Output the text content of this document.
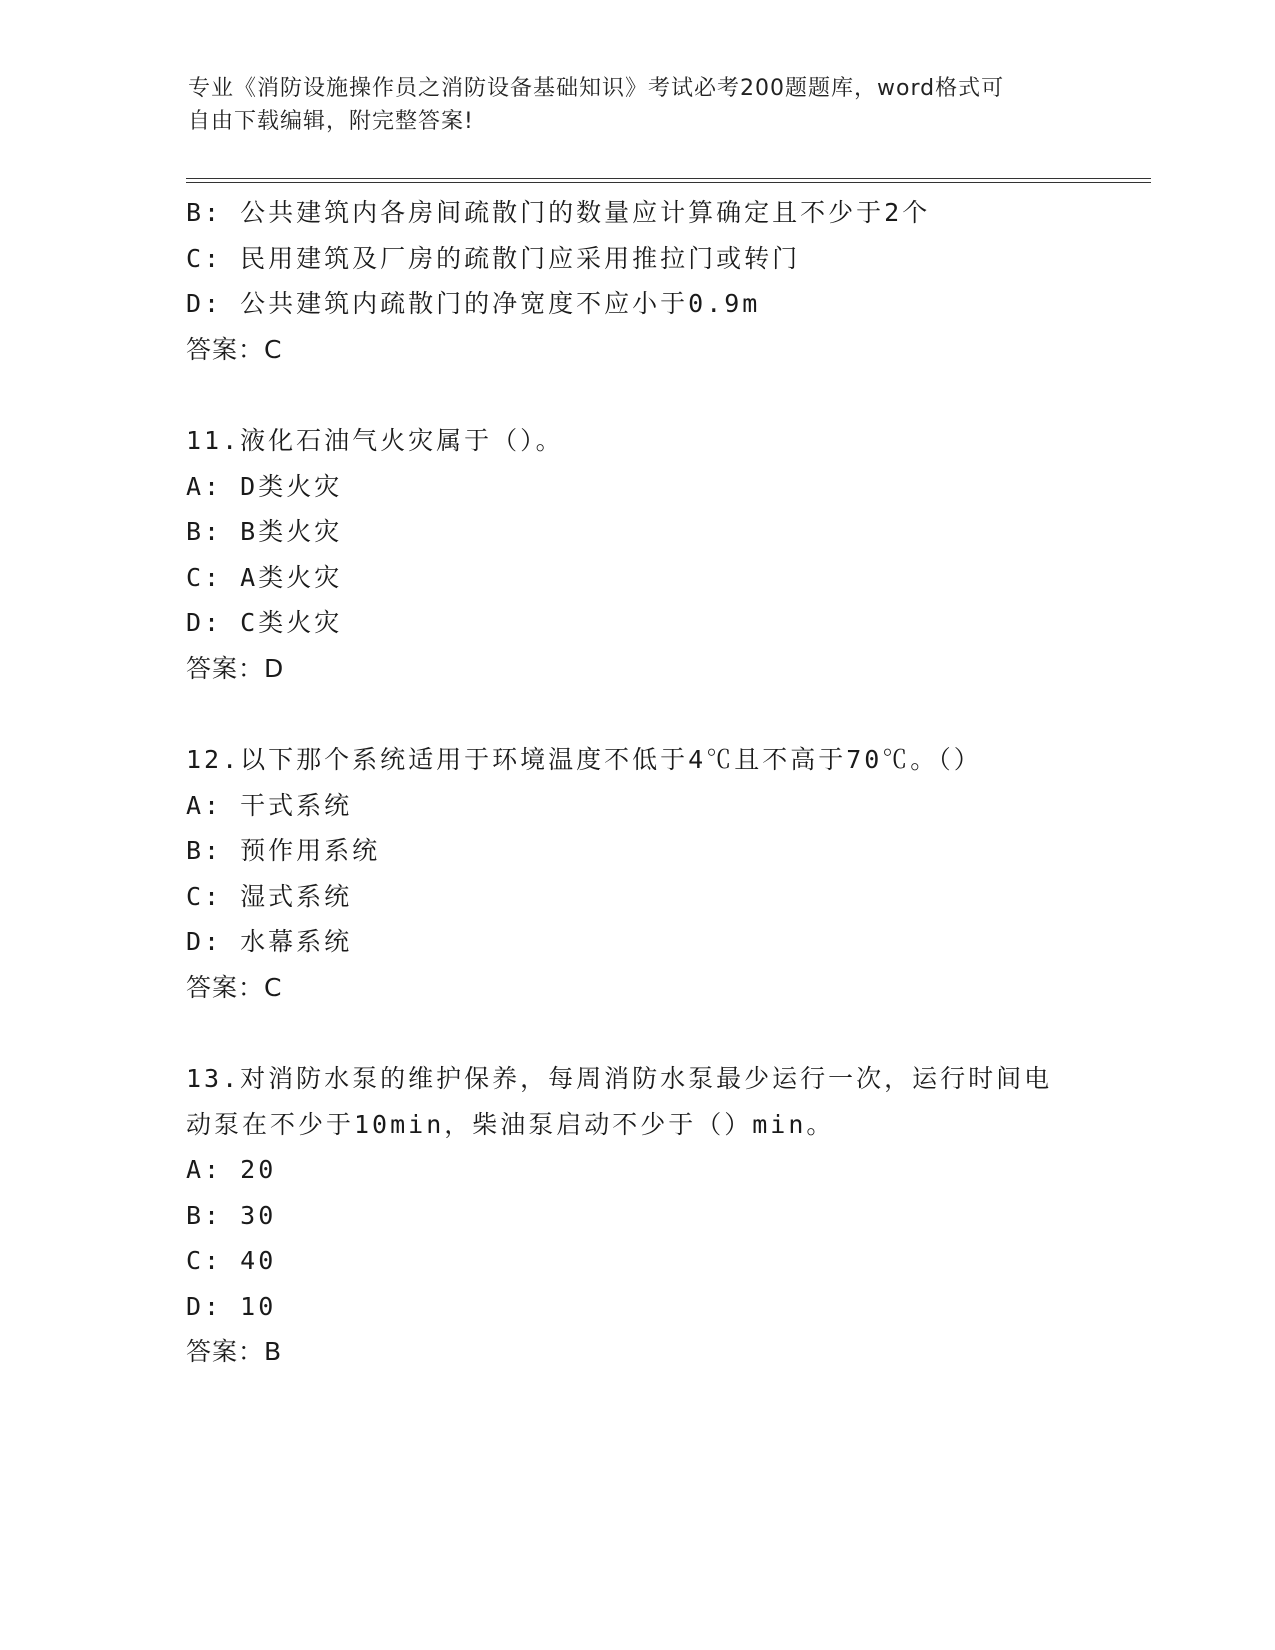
专业《消防设施操作员之消防设备基础知识》考试必考200题题库，word格式可
自由下载编辑，附完整答案!
B: 公共建筑内各房间疏散门的数量应计算确定且不少于2个
C: 民用建筑及厂房的疏散门应采用推拉门或转门
D: 公共建筑内疏散门的净宽度不应小于0.9m
答案：C
11.液化石油气火灾属于（）。
A: D类火灾
B: B类火灾
C: A类火灾
D: C类火灾
答案：D
12.以下那个系统适用于环境温度不低于4℃且不高于70℃。（）
A: 干式系统
B: 预作用系统
C: 湿式系统
D: 水幕系统
答案：C
13.对消防水泵的维护保养，每周消防水泵最少运行一次，运行时间电
动泵在不少于10min，柴油泵启动不少于（）min。
A: 20
B: 30
C: 40
D: 10
答案：B
